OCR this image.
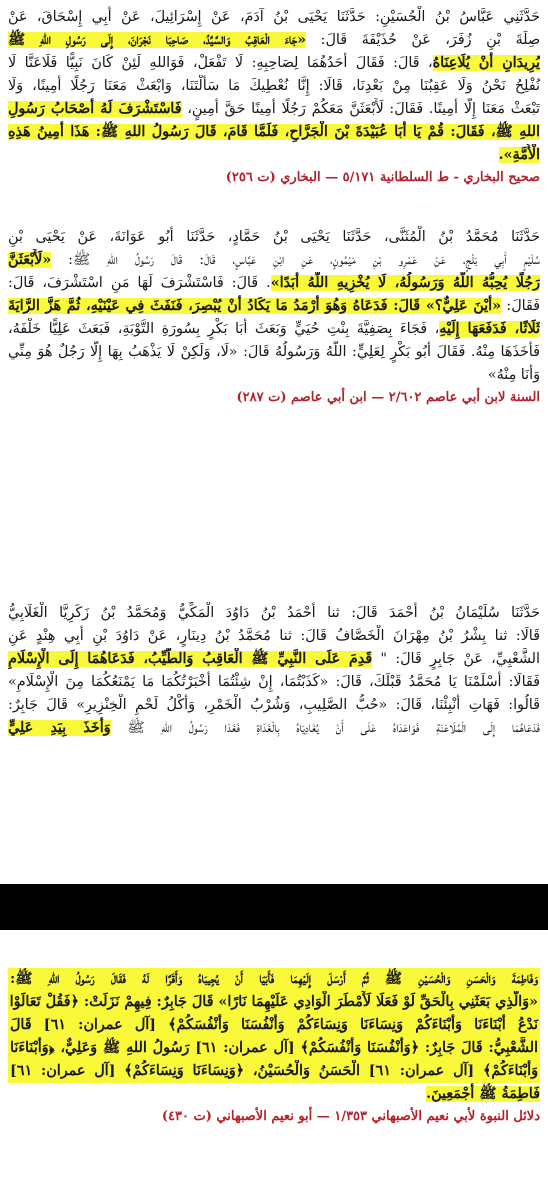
حَدَّثَنِي عَبَّاسُ بْنُ الْحُسَيْنِ: حَدَّثَنَا يَحْيَى بْنُ آدَمَ، عَنْ إِسْرَائِيلَ، عَنْ أَبِي إِسْحَاقَ، عَنْ
صِلَةَ بْنِ زُفَرَ، عَنْ حُذَيْفَةَ قَالَ: «جَاءَ الْعَاقِبُ وَالسَّيِّدُ، صَاحِبَا نَجْرَانَ، إِلَى رَسُولِ اللهِ ﷺ
يُرِيدَانِ أَنْ يُلَاعِنَاهُ، قَالَ: فَقَالَ أَحَدُهُمَا لِصَاحِبِهِ: لَا تَفْعَلْ، فَوَاللهِ لَئِنْ كَانَ نَبِيًّا فَلَاعَنَّا لَا
نُفْلِحُ نَحْنُ وَلَا عَقِبُنَا مِنْ بَعْدِنَا، قَالَا: إِنَّا نُعْطِيكَ مَا سَأَلْتَنَا، وَابْعَثْ مَعَنَا رَجُلًا أَمِينًا، وَلَا
تَبْعَثْ مَعَنَا إِلَّا أَمِينًا. فَقَالَ: لَأَبْعَثَنَّ مَعَكُمْ رَجُلًا أَمِينًا حَقَّ أَمِينٍ، فَاسْتَشْرَفَ لَهُ أَصْحَابُ رَسُولِ
اللهِ ﷺ، فَقَالَ: قُمْ يَا أَبَا عُبَيْدَةَ بْنَ الْجَرَّاحِ، فَلَمَّا قَامَ، قَالَ رَسُولُ اللهِ ﷺ: هَذَا أَمِينُ هَذِهِ
الْأُمَّةِ».
صحيح البخاري - ط السلطانية ٥/١٧١ — البخاري (ت ٢٥٦)
حَدَّثَنَا مُحَمَّدُ بْنُ الْمُثَنَّى، حَدَّثَنَا يَحْيَى بْنُ حَمَّادٍ، حَدَّثَنَا أَبُو عَوَانَةَ، عَنْ يَحْيَى بْنِ
سُلَيْمٍ أَبِي بَلْجٍ، عَنْ عَمْرِو بْنِ مَيْمُونٍ، عَنِ ابْنِ عَبَّاسٍ، قَالَ: قَالَ رَسُولُ اللهِ ﷺ: «لَأَبْعَثَنَّ
رَجُلًا يُحِبُّهُ اللَّهُ وَرَسُولُهُ، لَا يُخْزِيهِ اللَّهُ أَبَدًا». قَالَ: فَاسْتَشْرَفَ لَهَا مَنِ اسْتَشْرَفَ، قَالَ:
فَقَالَ: «أَيْنَ عَلِيٌّ؟» قَالَ: فَدَعَاهُ وَهُوَ أَرْمَدُ مَا يَكَادُ أَنْ يُبْصِرَ، فَنَفَثَ فِي عَيْنَيْهِ، ثُمَّ هَزَّ الرَّايَةَ
ثَلَاثًا، فَدَفَعَهَا إِلَيْهِ، فَجَاءَ بِصَفِيَّةَ بِنْتِ حُيَيٍّ وَبَعَثَ أَبَا بَكْرٍ بِسُورَةِ التَّوْبَةِ، فَبَعَثَ عَلِيًّا خَلْفَهُ،
فَأَخَذَهَا مِنْهُ. فَقَالَ أَبُو بَكْرٍ لِعَلِيٍّ: اللَّهُ وَرَسُولُهُ قَالَ: «لَا، وَلَكِنْ لَا يَذْهَبُ بِهَا إِلَّا رَجُلٌ هُوَ مِنِّي
وَأَنَا مِنْهُ»
السنة لابن أبي عاصم ٢/٦٠٢ — ابن أبي عاصم (ت ٢٨٧)
حَدَّثَنَا سُلَيْمَانُ بْنُ أَحْمَدَ قَالَ: ثنا أَحْمَدُ بْنُ دَاوُدَ الْمَكِّيُّ وَمُحَمَّدُ بْنُ زَكَرِيَّا الْغَلَابِيُّ
قَالَا: ثنا بِشْرُ بْنُ مِهْرَانَ الْخَصَّافُ قَالَ: ثنا مُحَمَّدُ بْنُ دِينَارٍ، عَنْ دَاوُدَ بْنِ أَبِي هِنْدٍ عَنِ
الشَّعْبِيِّ، عَنْ جَابِرٍ قَالَ: " قَدِمَ عَلَى النَّبِيِّ ﷺ الْعَاقِبُ وَالطَّيِّبُ، فَدَعَاهُمَا إِلَى الْإِسْلَامِ
فَقَالَا: أَسْلَمْنَا يَا مُحَمَّدُ قَبْلَكَ، قَالَ: «كَذَبْتُمَا، إِنْ شِئْتُمَا أَخْبَرْتُكُمَا مَا يَمْنَعُكُمَا مِنَ الْإِسْلَامِ»
قَالُوا: فَهَاتِ أَنْبِئْنَا، قَالَ: «حُبُّ الصَّلِيبِ، وَشُرْبُ الْخَمْرِ، وَأَكْلُ لَحْمِ الْخِنْزِيرِ» قَالَ جَابِرٌ:
فَدَعَاهُمَا إِلَى الْمُلَاعَنَةِ فَوَاعَدَاهُ عَلَى أَنْ يُغَادِيَاهُ بِالْغَدَاةِ فَغَدَا رَسُولُ اللهِ ﷺ وَأَخَذَ بِيَدِ عَلِيٍّ
وَفَاطِمَةَ وَالْحَسَنِ وَالْحُسَيْنِ ﷺ ثُمَّ أَرْسَلَ إِلَيْهِمَا فَأَبَيَا أَنْ يُجِيبَاهُ وَأَقَرَّا لَهُ فَقَالَ رَسُولُ اللهِ ﷺ:
«وَالَّذِي بَعَثَنِي بِالْحَقِّ لَوْ فَعَلَا لَأَمْطَرَ الْوَادِي عَلَيْهِمَا نَارًا» قَالَ جَابِرٌ: فِيهِمْ نَزَلَتْ: ﴿فَقُلْ تَعَالَوْا
نَدْعُ أَبْنَاءَنَا وَأَبْنَاءَكُمْ وَنِسَاءَنَا وَنِسَاءَكُمْ وَأَنْفُسَنَا وَأَنْفُسَكُمْ﴾ [آل عمران: ٦١] قَالَ
الشَّعْبِيُّ: قَالَ جَابِرٌ: ﴿وَأَنْفُسَنَا وَأَنْفُسَكُمْ﴾ [آل عمران: ٦١] رَسُولُ اللهِ ﷺ وَعَلِيٌّ، ﴿وَأَبْنَاءَنَا
وَأَبْنَاءَكُمْ﴾ [آل عمران: ٦١] الْحَسَنُ وَالْحُسَيْنُ، ﴿وَنِسَاءَنَا وَنِسَاءَكُمْ﴾ [آل عمران: ٦١]
فَاطِمَةُ ﷺ أَجْمَعِينَ.
دلائل النبوة لأبي نعيم الأصبهاني ١/٣٥٣ — أبو نعيم الأصبهاني (ت ٤٣٠)
